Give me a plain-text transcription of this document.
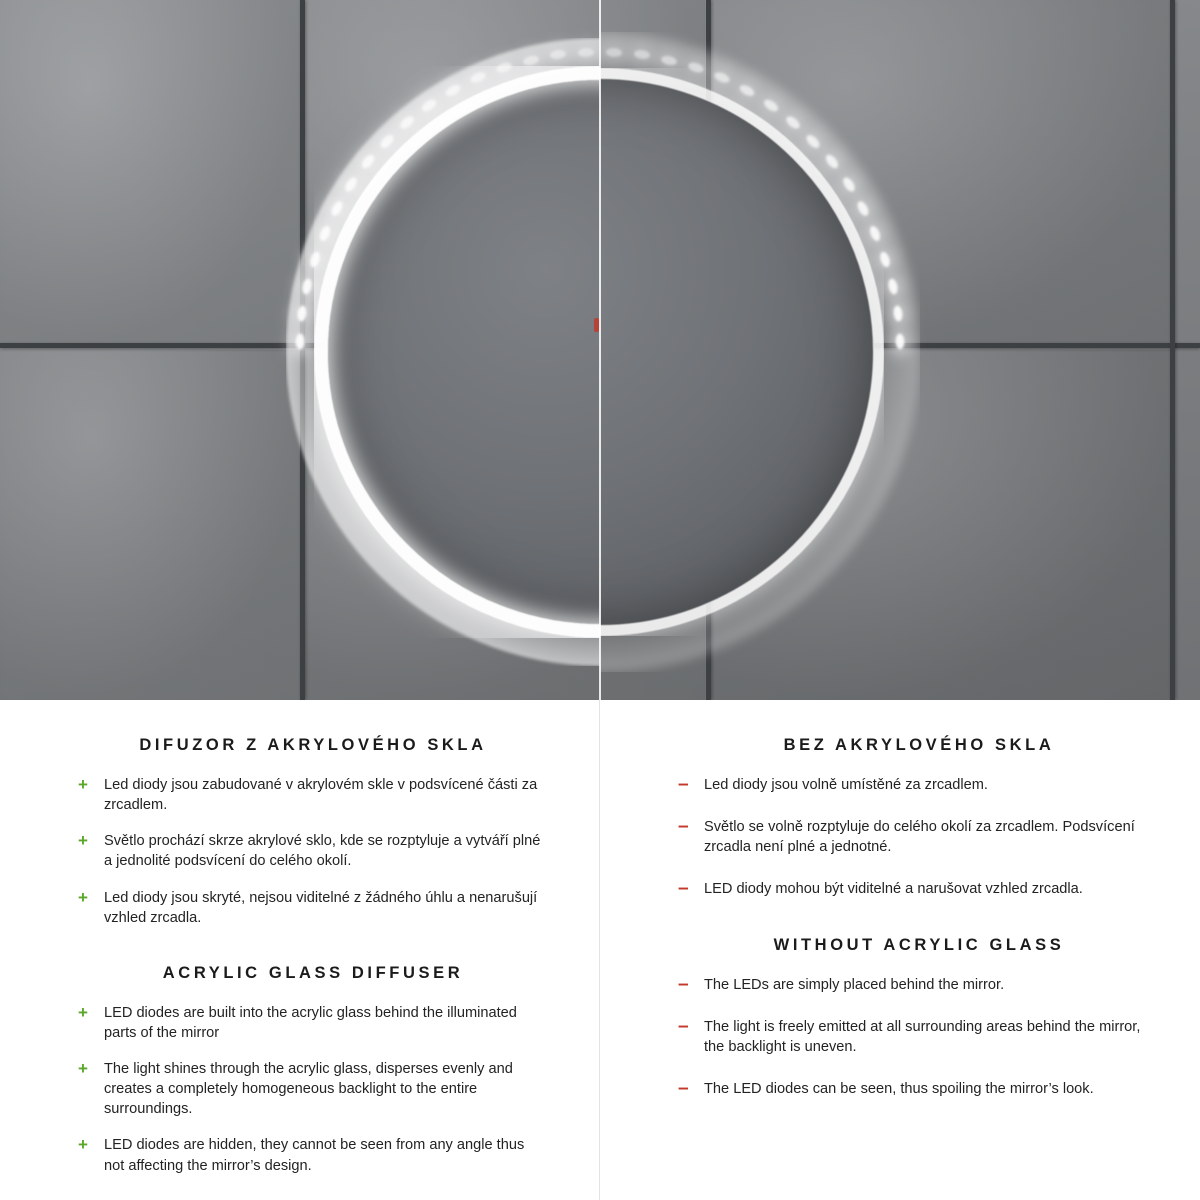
DIFUZOR Z AKRYLOVÉHO SKLA
+ Led diody jsou zabudované v akrylovém skle v podsvícené části za zrcadlem.
+ Světlo prochází skrze akrylové sklo, kde se rozptyluje a vytváří plné a jednolité podsvícení do celého okolí.
+ Led diody jsou skryté, nejsou viditelné z žádného úhlu a nenarušují vzhled zrcadla.
ACRYLIC GLASS DIFFUSER
+ LED diodes are built into the acrylic glass behind the illuminated parts of the mirror
+ The light shines through the acrylic glass, disperses evenly and creates a completely homogeneous backlight to the entire surroundings.
+ LED diodes are hidden, they cannot be seen from any angle thus not affecting the mirror’s design.
BEZ AKRYLOVÉHO SKLA
– Led diody jsou volně umístěné za zrcadlem.
– Světlo se volně rozptyluje do celého okolí za zrcadlem. Podsvícení zrcadla není plné a jednotné.
– LED diody mohou být viditelné a narušovat vzhled zrcadla.
WITHOUT ACRYLIC GLASS
– The LEDs are simply placed behind the mirror.
– The light is freely emitted at all surrounding areas behind the mirror, the backlight is uneven.
– The LED diodes can be seen, thus spoiling the mirror’s look.
